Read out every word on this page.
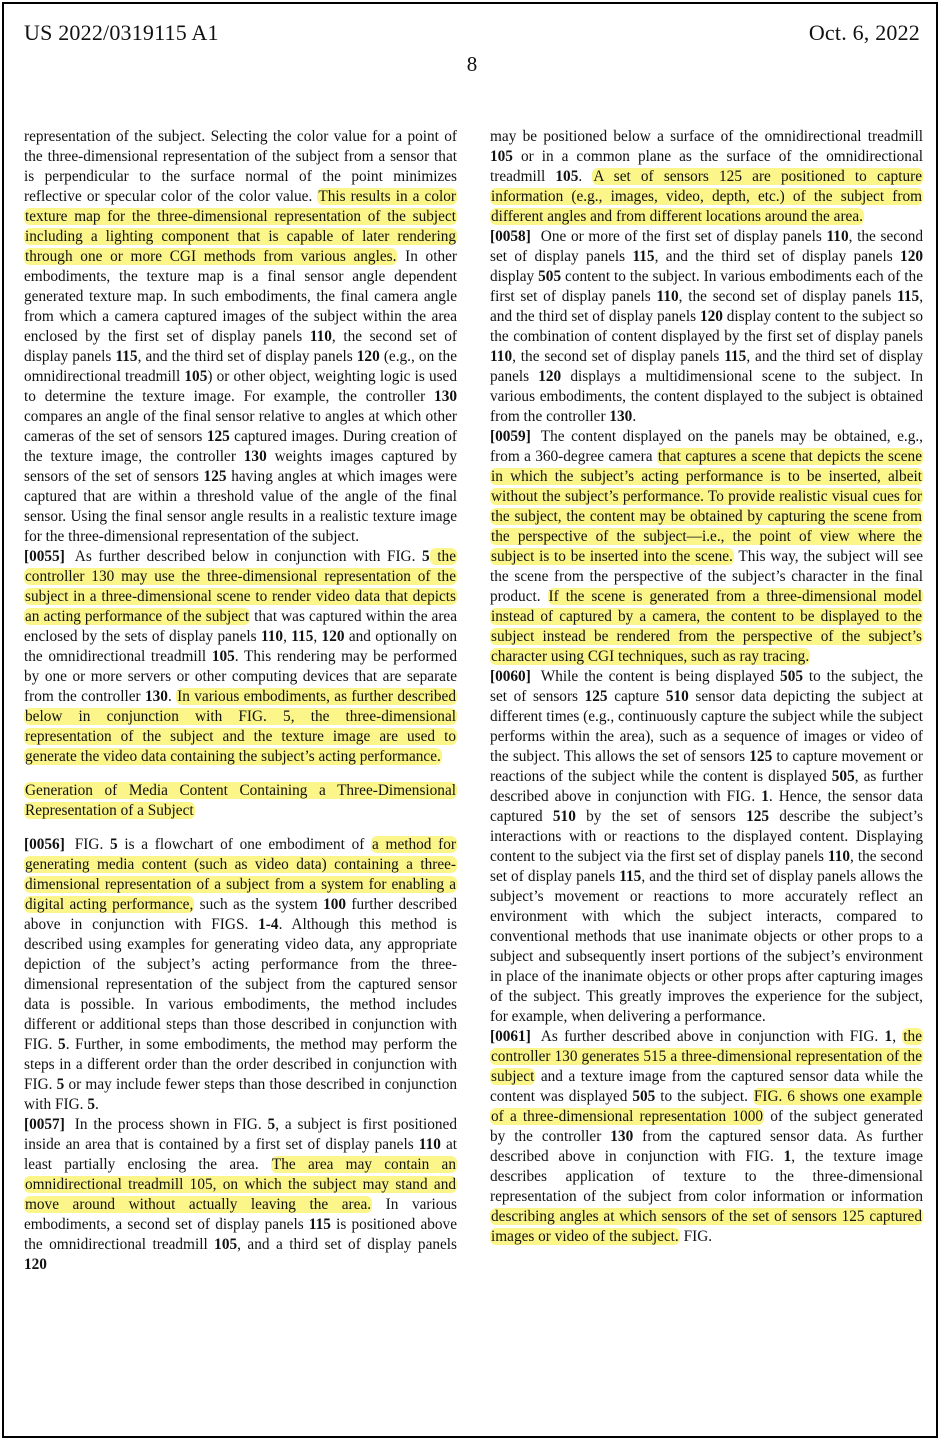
US 2022/0319115 A1	Oct. 6, 2022
8

representation of the subject. Selecting the color value for a point of the three-dimensional representation of the subject from a sensor that is perpendicular to the surface normal of the point minimizes reflective or specular color of the color value. This results in a color texture map for the three-dimensional representation of the subject including a lighting component that is capable of later rendering through one or more CGI methods from various angles. In other embodiments, the texture map is a final sensor angle dependent generated texture map. In such embodiments, the final camera angle from which a camera captured images of the subject within the area enclosed by the first set of display panels 110, the second set of display panels 115, and the third set of display panels 120 (e.g., on the omnidirectional treadmill 105) or other object, weighting logic is used to determine the texture image. For example, the controller 130 compares an angle of the final sensor relative to angles at which other cameras of the set of sensors 125 captured images. During creation of the texture image, the controller 130 weights images captured by sensors of the set of sensors 125 having angles at which images were captured that are within a threshold value of the angle of the final sensor. Using the final sensor angle results in a realistic texture image for the three-dimensional representation of the subject.

[0055] As further described below in conjunction with FIG. 5 the controller 130 may use the three-dimensional representation of the subject in a three-dimensional scene to render video data that depicts an acting performance of the subject that was captured within the area enclosed by the sets of display panels 110, 115, 120 and optionally on the omnidirectional treadmill 105. This rendering may be performed by one or more servers or other computing devices that are separate from the controller 130. In various embodiments, as further described below in conjunction with FIG. 5, the three-dimensional representation of the subject and the texture image are used to generate the video data containing the subject’s acting performance.

Generation of Media Content Containing a Three-Dimensional Representation of a Subject

[0056] FIG. 5 is a flowchart of one embodiment of a method for generating media content (such as video data) containing a three-dimensional representation of a subject from a system for enabling a digital acting performance, such as the system 100 further described above in conjunction with FIGS. 1-4. Although this method is described using examples for generating video data, any appropriate depiction of the subject’s acting performance from the three-dimensional representation of the subject from the captured sensor data is possible. In various embodiments, the method includes different or additional steps than those described in conjunction with FIG. 5. Further, in some embodiments, the method may perform the steps in a different order than the order described in conjunction with FIG. 5 or may include fewer steps than those described in conjunction with FIG. 5.

[0057] In the process shown in FIG. 5, a subject is first positioned inside an area that is contained by a first set of display panels 110 at least partially enclosing the area. The area may contain an omnidirectional treadmill 105, on which the subject may stand and move around without actually leaving the area. In various embodiments, a second set of display panels 115 is positioned above the omnidirectional treadmill 105, and a third set of display panels 120

may be positioned below a surface of the omnidirectional treadmill 105 or in a common plane as the surface of the omnidirectional treadmill 105. A set of sensors 125 are positioned to capture information (e.g., images, video, depth, etc.) of the subject from different angles and from different locations around the area.

[0058] One or more of the first set of display panels 110, the second set of display panels 115, and the third set of display panels 120 display 505 content to the subject. In various embodiments each of the first set of display panels 110, the second set of display panels 115, and the third set of display panels 120 display content to the subject so the combination of content displayed by the first set of display panels 110, the second set of display panels 115, and the third set of display panels 120 displays a multidimensional scene to the subject. In various embodiments, the content displayed to the subject is obtained from the controller 130.

[0059] The content displayed on the panels may be obtained, e.g., from a 360-degree camera that captures a scene that depicts the scene in which the subject’s acting performance is to be inserted, albeit without the subject’s performance. To provide realistic visual cues for the subject, the content may be obtained by capturing the scene from the perspective of the subject—i.e., the point of view where the subject is to be inserted into the scene. This way, the subject will see the scene from the perspective of the subject’s character in the final product. If the scene is generated from a three-dimensional model instead of captured by a camera, the content to be displayed to the subject instead be rendered from the perspective of the subject’s character using CGI techniques, such as ray tracing.

[0060] While the content is being displayed 505 to the subject, the set of sensors 125 capture 510 sensor data depicting the subject at different times (e.g., continuously capture the subject while the subject performs within the area), such as a sequence of images or video of the subject. This allows the set of sensors 125 to capture movement or reactions of the subject while the content is displayed 505, as further described above in conjunction with FIG. 1. Hence, the sensor data captured 510 by the set of sensors 125 describe the subject’s interactions with or reactions to the displayed content. Displaying content to the subject via the first set of display panels 110, the second set of display panels 115, and the third set of display panels allows the subject’s movement or reactions to more accurately reflect an environment with which the subject interacts, compared to conventional methods that use inanimate objects or other props to a subject and subsequently insert portions of the subject’s environment in place of the inanimate objects or other props after capturing images of the subject. This greatly improves the experience for the subject, for example, when delivering a performance.

[0061] As further described above in conjunction with FIG. 1, the controller 130 generates 515 a three-dimensional representation of the subject and a texture image from the captured sensor data while the content was displayed 505 to the subject. FIG. 6 shows one example of a three-dimensional representation 1000 of the subject generated by the controller 130 from the captured sensor data. As further described above in conjunction with FIG. 1, the texture image describes application of texture to the three-dimensional representation of the subject from color information or information describing angles at which sensors of the set of sensors 125 captured images or video of the subject. FIG.
